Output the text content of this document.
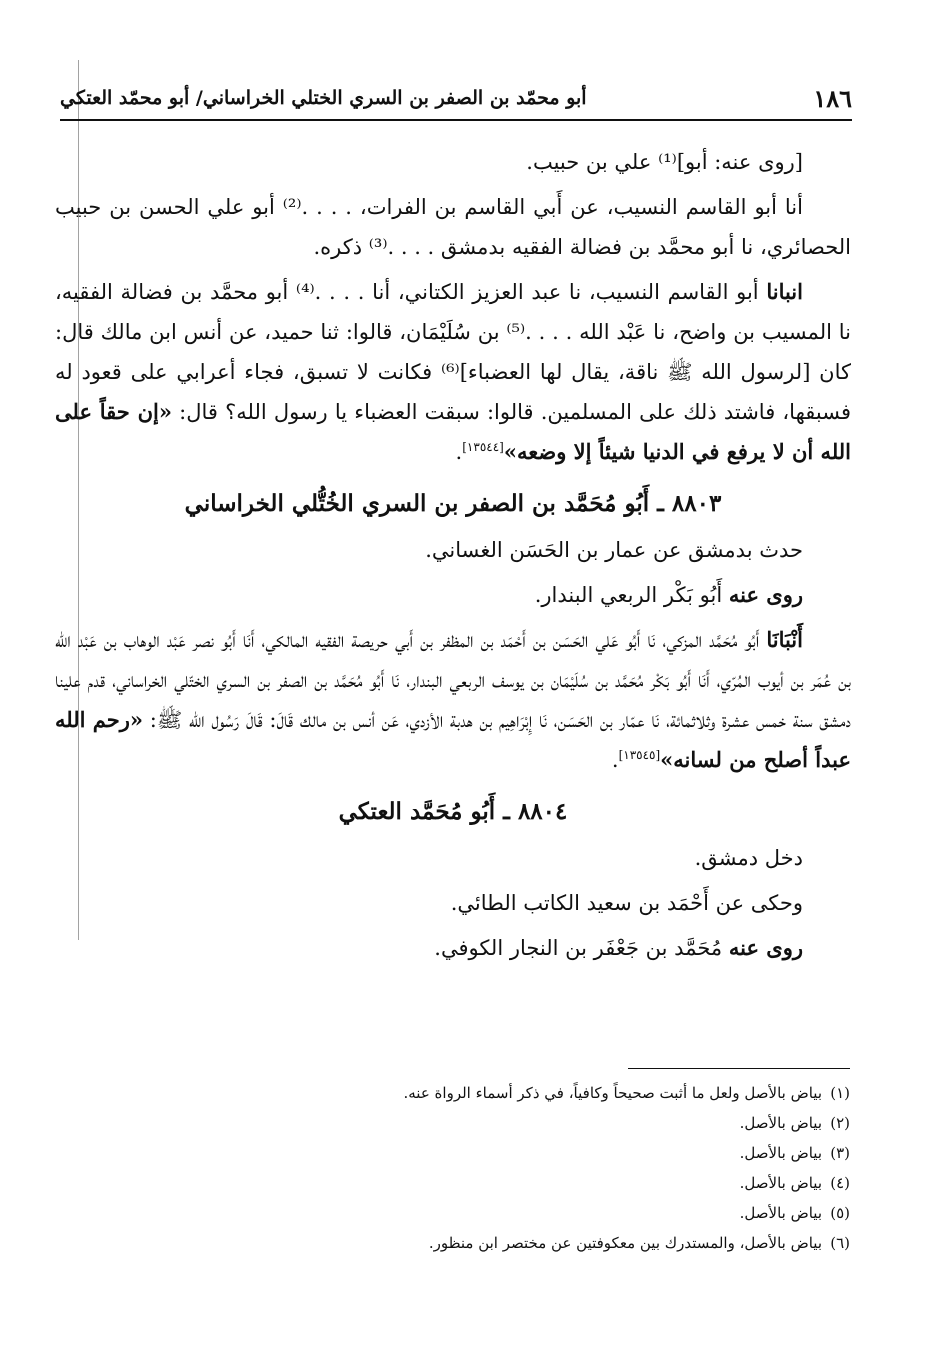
١٨٦
أبو محمّد بن الصفر بن السري الختلي الخراساني/ أبو محمّد العتكي

[روى عنه: أبو]⁽¹⁾ علي بن حبيب.

أنا أبو القاسم النسيب، عن أَبي القاسم بن الفرات، . . . .⁽²⁾ أبو علي الحسن بن حبيب الحصائري، نا أبو محمَّد بن فضالة الفقيه بدمشق . . . .⁽³⁾ ذكره.

انبانا أبو القاسم النسيب، نا عبد العزيز الكتاني، أنا . . . .⁽⁴⁾ أبو محمَّد بن فضالة الفقيه، نا المسيب بن واضح، نا عَبْد الله . . . .⁽⁵⁾ بن سُلَيْمَان، قالوا: ثنا حميد، عن أنس ابن مالك قال: كان [لرسول الله ﷺ ناقة، يقال لها العضباء]⁽⁶⁾ فكانت لا تسبق، فجاء أعرابي على قعود له فسبقها، فاشتد ذلك على المسلمين. قالوا: سبقت العضباء يا رسول الله؟ قال: «إن حقاً على الله أن لا يرفع في الدنيا شيئاً إلا وضعه»[١٣٥٤٤].

٨٨٠٣ ـ أَبُو مُحَمَّد بن الصفر بن السري الخُتُّلي الخراساني

حدث بدمشق عن عمار بن الحَسَن الغساني.

روى عنه أَبُو بَكْر الربعي البندار.

أَنْبَانَا أَبُو مُحَمَّد المزكي، نَا أَبُو عَلي الحَسَن بن أَحْمَد بن المظفر بن أَبي حريصة الفقيه المالكي، أَنَا أَبُو نصر عَبْد الوهاب بن عَبْد الله بن عُمَر بن أيوب المُرّي، أَنَا أَبُو بَكْر مُحَمَّد بن سُلَيْمَان بن يوسف الربعي البندار، نَا أَبُو مُحَمَّد بن الصفر بن السري الختّلي الخراساني، قدم علينا دمشق سنة خمس عشرة وثلاثمائة، نَا عمّار بن الحَسَن، نَا إِبْرَاهِيم بن هدبة الأزدي، عَن أنس بن مالك قَالَ: قَالَ رَسُول الله ﷺ: «رحم الله عبداً أصلح من لسانه»[١٣٥٤٥].

٨٨٠٤ ـ أَبُو مُحَمَّد العتكي

دخل دمشق.

وحكى عن أَحْمَد بن سعيد الكاتب الطائي.

روى عنه مُحَمَّد بن جَعْفَر بن النجار الكوفي.

(١)بياض بالأصل ولعل ما أثبت صحيحاً وكافياً، في ذكر أسماء الرواة عنه.
(٢)بياض بالأصل.
(٣)بياض بالأصل.
(٤)بياض بالأصل.
(٥)بياض بالأصل.
(٦)بياض بالأصل، والمستدرك بين معكوفتين عن مختصر ابن منظور.
